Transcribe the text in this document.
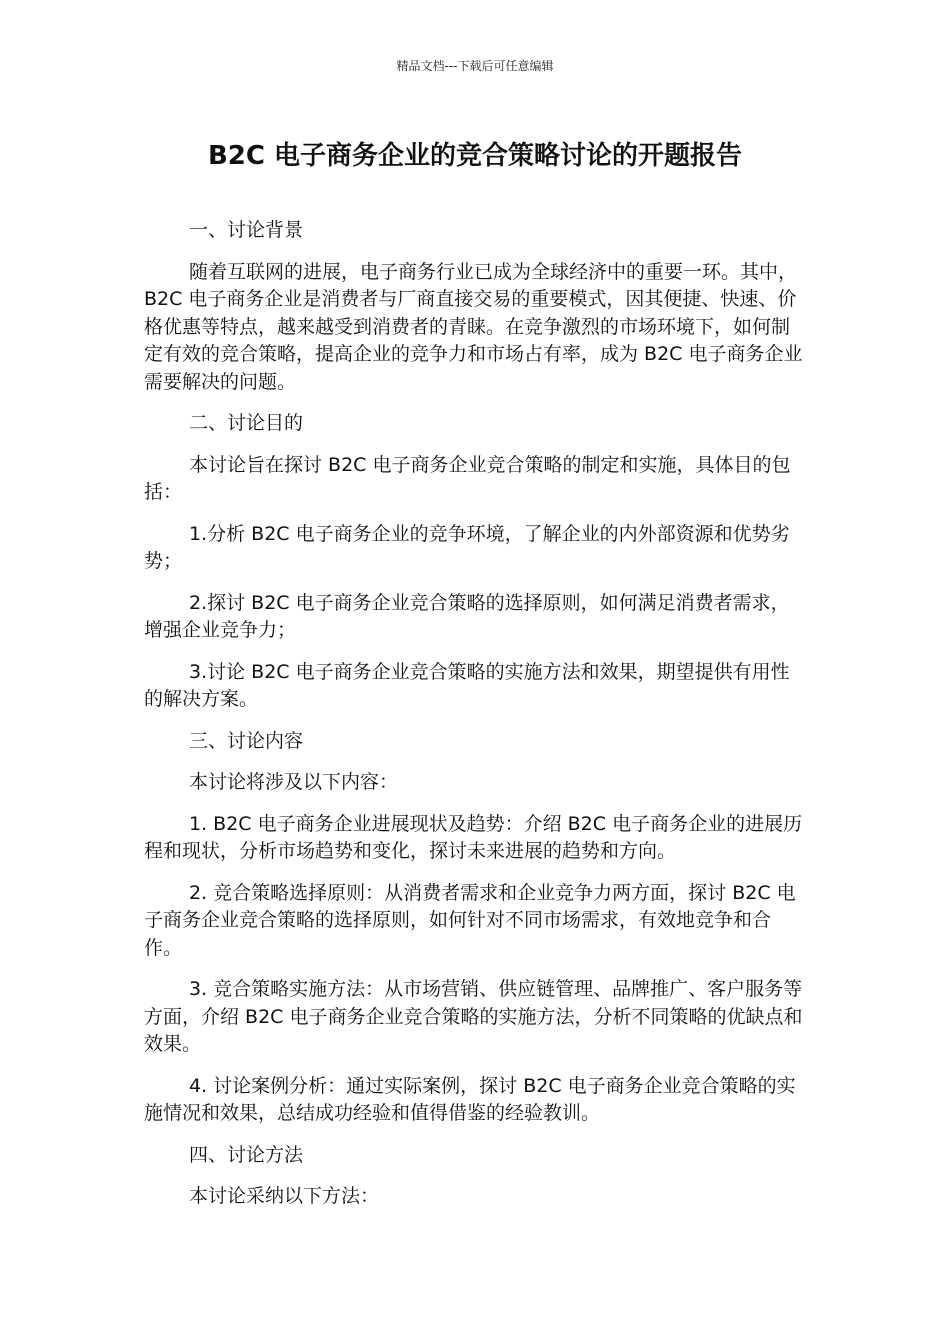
精品文档---下载后可任意编辑
B2C 电子商务企业的竞合策略讨论的开题报告

一、讨论背景

随着互联网的进展，电子商务行业已成为全球经济中的重要一环。其中，B2C 电子商务企业是消费者与厂商直接交易的重要模式，因其便捷、快速、价格优惠等特点，越来越受到消费者的青睐。在竞争激烈的市场环境下，如何制定有效的竞合策略，提高企业的竞争力和市场占有率，成为 B2C 电子商务企业需要解决的问题。

二、讨论目的

本讨论旨在探讨 B2C 电子商务企业竞合策略的制定和实施，具体目的包括：

1.分析 B2C 电子商务企业的竞争环境，了解企业的内外部资源和优势劣势；

2.探讨 B2C 电子商务企业竞合策略的选择原则，如何满足消费者需求，增强企业竞争力；

3.讨论 B2C 电子商务企业竞合策略的实施方法和效果，期望提供有用性的解决方案。

三、讨论内容

本讨论将涉及以下内容：

1. B2C 电子商务企业进展现状及趋势：介绍 B2C 电子商务企业的进展历程和现状，分析市场趋势和变化，探讨未来进展的趋势和方向。

2. 竞合策略选择原则：从消费者需求和企业竞争力两方面，探讨 B2C 电子商务企业竞合策略的选择原则，如何针对不同市场需求，有效地竞争和合作。

3. 竞合策略实施方法：从市场营销、供应链管理、品牌推广、客户服务等方面，介绍 B2C 电子商务企业竞合策略的实施方法，分析不同策略的优缺点和效果。

4. 讨论案例分析：通过实际案例，探讨 B2C 电子商务企业竞合策略的实施情况和效果，总结成功经验和值得借鉴的经验教训。

四、讨论方法

本讨论采纳以下方法：
